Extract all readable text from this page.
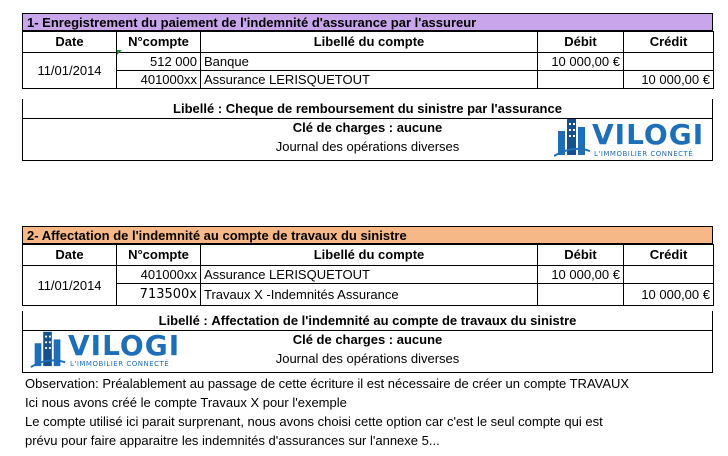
1- Enregistrement du paiement de l'indemnité d'assurance par l'assureur
Date	N°compte	Libellé du compte	Débit	Crédit
11/01/2014	512 000	Banque	10 000,00 €	
	401000xx	Assurance LERISQUETOUT		10 000,00 €
Libellé : Cheque de remboursement du sinistre par l'assurance
Clé de charges : aucune
Journal des opérations diverses	VILOGI
L'IMMOBILIER CONNECTÉ
2- Affectation de l'indemnité au compte de travaux du sinistre
Date	N°compte	Libellé du compte	Débit	Crédit
11/01/2014	401000xx	Assurance LERISQUETOUT	10 000,00 €	
	713500x	Travaux X -Indemnités Assurance		10 000,00 €
Libellé : Affectation de l'indemnité au compte de travaux du sinistre
Clé de charges : aucune
Journal des opérations diverses
VILOGI
L'IMMOBILIER CONNECTÉ
Observation: Préalablement au passage de cette écriture il est nécessaire de créer un compte TRAVAUX
Ici nous avons créé le compte Travaux X pour l'exemple
Le compte utilisé ici parait surprenant, nous avons choisi cette option car c'est le seul compte qui est
prévu pour faire apparaitre les indemnités d'assurances sur l'annexe 5...
